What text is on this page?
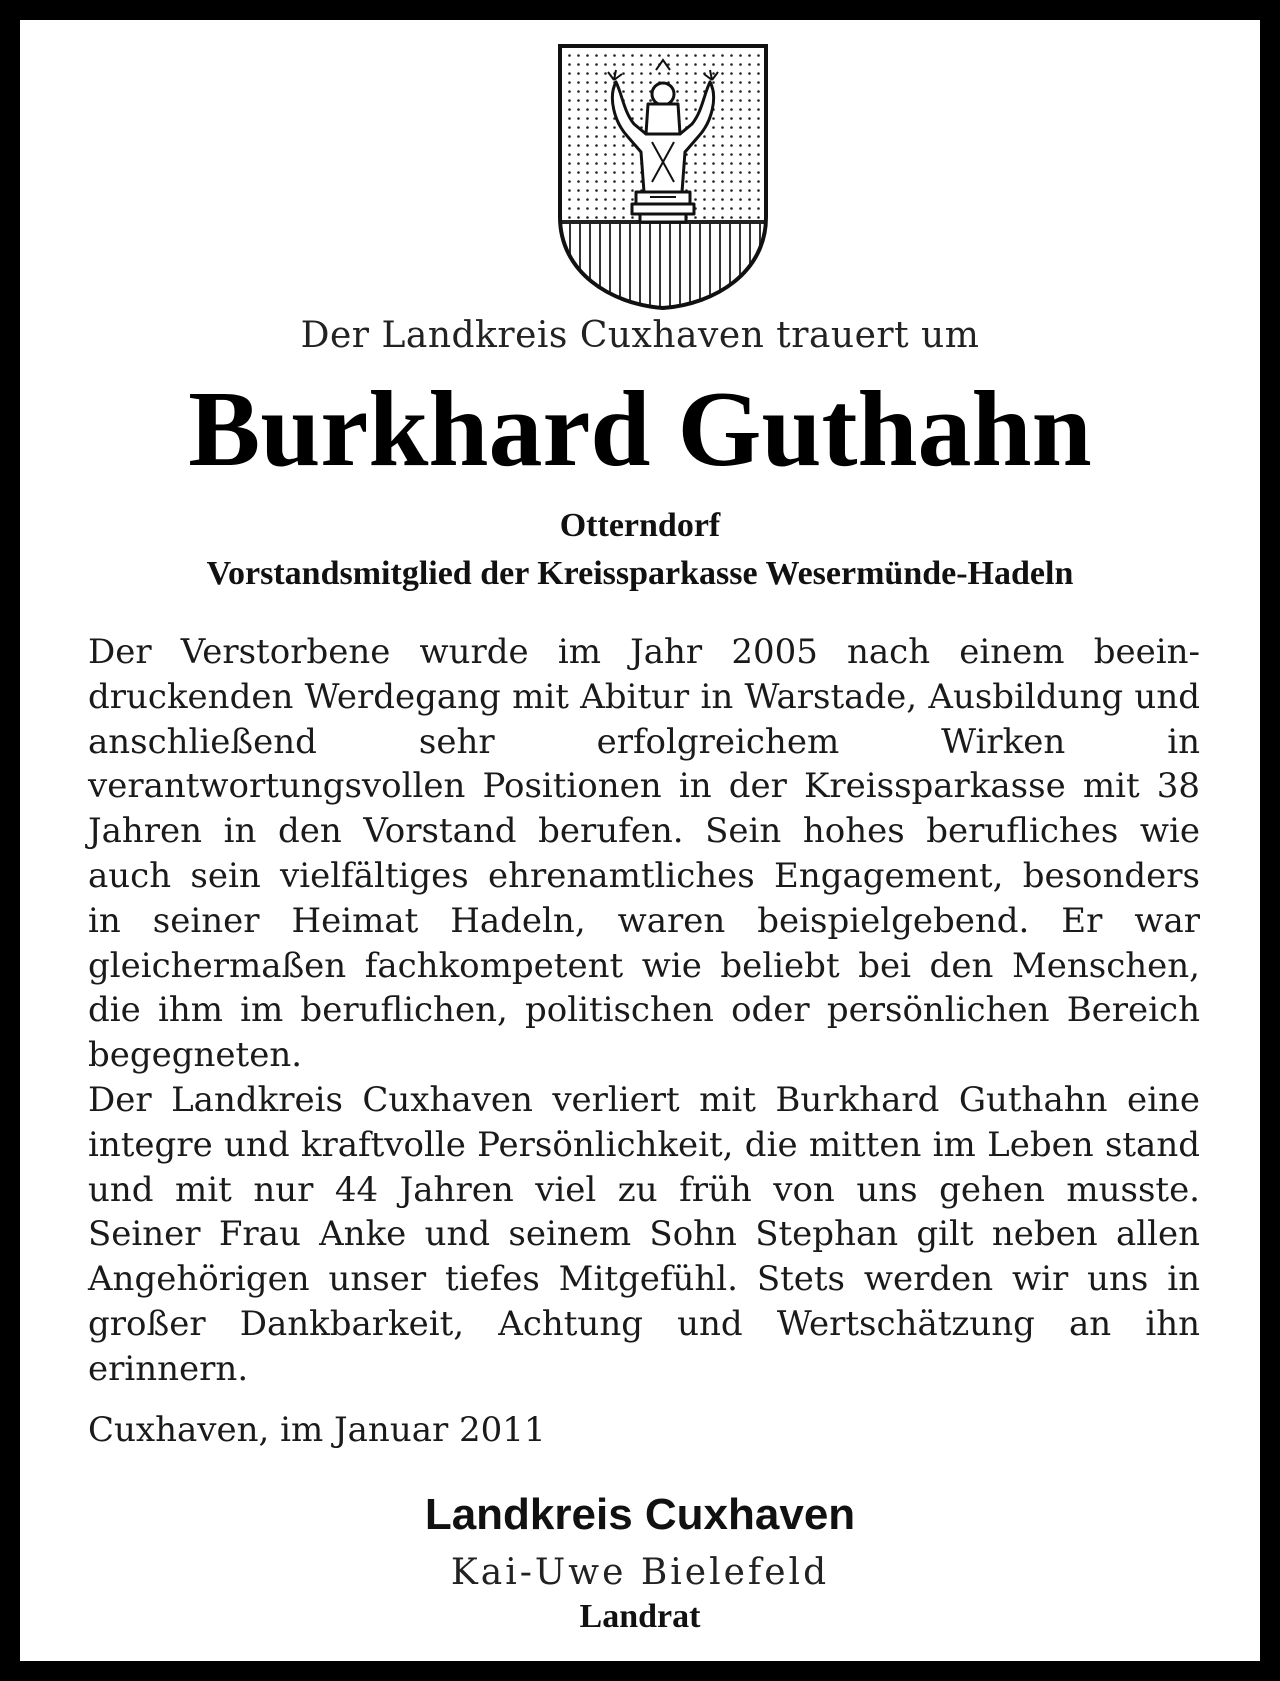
Der Landkreis Cuxhaven trauert um
Burkhard Guthahn
Otterndorf
Vorstandsmitglied der Kreissparkasse Wesermünde-Hadeln

Der Verstorbene wurde im Jahr 2005 nach einem beeindruckenden Werdegang mit Abitur in Warstade, Ausbildung und anschließend sehr erfolgreichem Wirken in verantwortungsvollen Positionen in der Kreissparkasse mit 38 Jahren in den Vorstand berufen. Sein hohes berufliches wie auch sein vielfältiges ehrenamtliches Engagement, besonders in seiner Heimat Hadeln, waren beispielgebend. Er war gleichermaßen fachkompetent wie beliebt bei den Menschen, die ihm im beruflichen, politischen oder persönlichen Bereich begegneten.

Der Landkreis Cuxhaven verliert mit Burkhard Guthahn eine integre und kraftvolle Persönlichkeit, die mitten im Leben stand und mit nur 44 Jahren viel zu früh von uns gehen musste. Seiner Frau Anke und seinem Sohn Stephan gilt neben allen Angehörigen unser tiefes Mitgefühl. Stets werden wir uns in großer Dankbarkeit, Achtung und Wertschätzung an ihn erinnern.

Cuxhaven, im Januar 2011
Landkreis Cuxhaven
Kai-Uwe Bielefeld
Landrat
